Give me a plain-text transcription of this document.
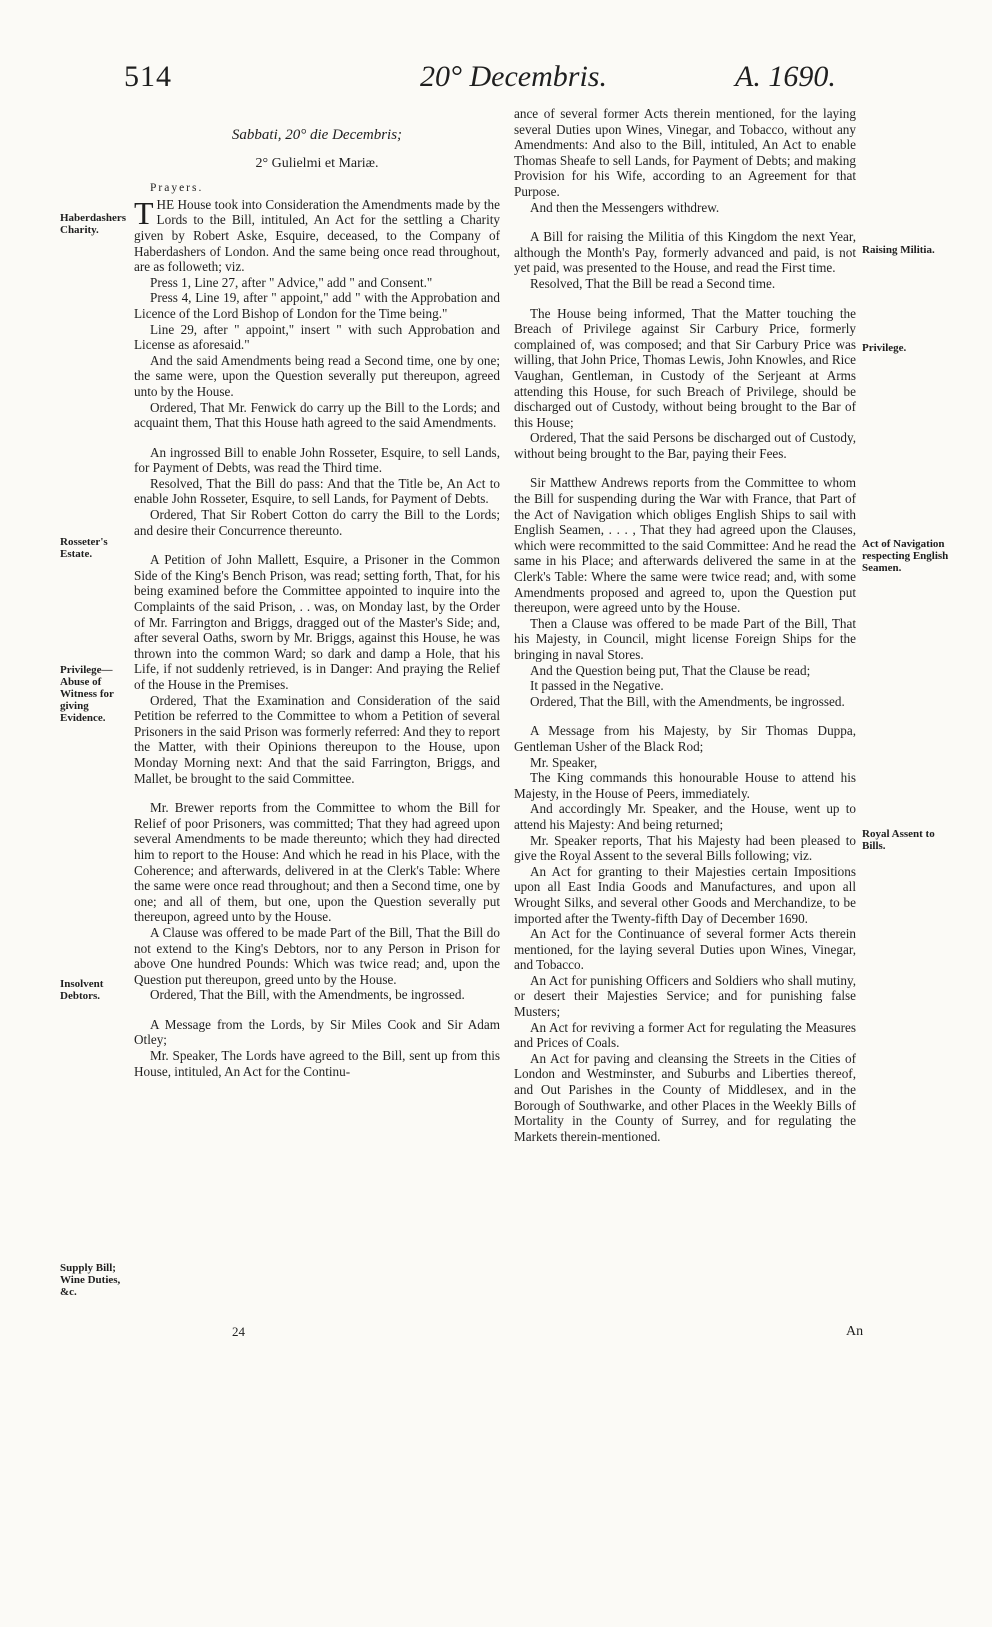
514	20° Decembris.	A. 1690.
Haberdashers Charity.
Rosseter's Estate.
Privilege— Abuse of Witness for giving Evidence.
Insolvent Debtors.
Supply Bill; Wine Duties, &c.
Raising Militia.
Privilege.
Act of Navigation respecting English Seamen.
Royal Assent to Bills.
Sabbati, 20° die Decembris;
2° Gulielmi et Mariæ.

Prayers.

THE House took into Consideration the Amendments made by the Lords to the Bill, intituled, An Act for the settling a Charity given by Robert Aske, Esquire, deceased, to the Company of Haberdashers of London. And the same being once read throughout, are as followeth; viz.

Press 1, Line 27, after " Advice," add " and Consent."

Press 4, Line 19, after " appoint," add " with the Approbation and Licence of the Lord Bishop of London for the Time being."

Line 29, after " appoint," insert " with such Approbation and License as aforesaid."

And the said Amendments being read a Second time, one by one; the same were, upon the Question severally put thereupon, agreed unto by the House.

Ordered, That Mr. Fenwick do carry up the Bill to the Lords; and acquaint them, That this House hath agreed to the said Amendments.

An ingrossed Bill to enable John Rosseter, Esquire, to sell Lands, for Payment of Debts, was read the Third time.

Resolved, That the Bill do pass: And that the Title be, An Act to enable John Rosseter, Esquire, to sell Lands, for Payment of Debts.

Ordered, That Sir Robert Cotton do carry the Bill to the Lords; and desire their Concurrence thereunto.

A Petition of John Mallett, Esquire, a Prisoner in the Common Side of the King's Bench Prison, was read; setting forth, That, for his being examined before the Committee appointed to inquire into the Complaints of the said Prison, . . was, on Monday last, by the Order of Mr. Farrington and Briggs, dragged out of the Master's Side; and, after several Oaths, sworn by Mr. Briggs, against this House, he was thrown into the common Ward; so dark and damp a Hole, that his Life, if not suddenly retrieved, is in Danger: And praying the Relief of the House in the Premises.

Ordered, That the Examination and Consideration of the said Petition be referred to the Committee to whom a Petition of several Prisoners in the said Prison was formerly referred: And they to report the Matter, with their Opinions thereupon to the House, upon Monday Morning next: And that the said Farrington, Briggs, and Mallet, be brought to the said Committee.

Mr. Brewer reports from the Committee to whom the Bill for Relief of poor Prisoners, was committed; That they had agreed upon several Amendments to be made thereunto; which they had directed him to report to the House: And which he read in his Place, with the Coherence; and afterwards, delivered in at the Clerk's Table: Where the same were once read throughout; and then a Second time, one by one; and all of them, but one, upon the Question severally put thereupon, agreed unto by the House.

A Clause was offered to be made Part of the Bill, That the Bill do not extend to the King's Debtors, nor to any Person in Prison for above One hundred Pounds: Which was twice read; and, upon the Question put thereupon, greed unto by the House.

Ordered, That the Bill, with the Amendments, be ingrossed.

A Message from the Lords, by Sir Miles Cook and Sir Adam Otley;

Mr. Speaker, The Lords have agreed to the Bill, sent up from this House, intituled, An Act for the Continu-

ance of several former Acts therein mentioned, for the laying several Duties upon Wines, Vinegar, and Tobacco, without any Amendments: And also to the Bill, intituled, An Act to enable Thomas Sheafe to sell Lands, for Payment of Debts; and making Provision for his Wife, according to an Agreement for that Purpose.

And then the Messengers withdrew.

A Bill for raising the Militia of this Kingdom the next Year, although the Month's Pay, formerly advanced and paid, is not yet paid, was presented to the House, and read the First time.

Resolved, That the Bill be read a Second time.

The House being informed, That the Matter touching the Breach of Privilege against Sir Carbury Price, formerly complained of, was composed; and that Sir Carbury Price was willing, that John Price, Thomas Lewis, John Knowles, and Rice Vaughan, Gentleman, in Custody of the Serjeant at Arms attending this House, for such Breach of Privilege, should be discharged out of Custody, without being brought to the Bar of this House;

Ordered, That the said Persons be discharged out of Custody, without being brought to the Bar, paying their Fees.

Sir Matthew Andrews reports from the Committee to whom the Bill for suspending during the War with France, that Part of the Act of Navigation which obliges English Ships to sail with English Seamen, . . . , That they had agreed upon the Clauses, which were recommitted to the said Committee: And he read the same in his Place; and afterwards delivered the same in at the Clerk's Table: Where the same were twice read; and, with some Amendments proposed and agreed to, upon the Question put thereupon, were agreed unto by the House.

Then a Clause was offered to be made Part of the Bill, That his Majesty, in Council, might license Foreign Ships for the bringing in naval Stores.

And the Question being put, That the Clause be read;

It passed in the Negative.

Ordered, That the Bill, with the Amendments, be ingrossed.

A Message from his Majesty, by Sir Thomas Duppa, Gentleman Usher of the Black Rod;

Mr. Speaker,

The King commands this honourable House to attend his Majesty, in the House of Peers, immediately.

And accordingly Mr. Speaker, and the House, went up to attend his Majesty: And being returned;

Mr. Speaker reports, That his Majesty had been pleased to give the Royal Assent to the several Bills following; viz.

An Act for granting to their Majesties certain Impositions upon all East India Goods and Manufactures, and upon all Wrought Silks, and several other Goods and Merchandize, to be imported after the Twenty-fifth Day of December 1690.

An Act for the Continuance of several former Acts therein mentioned, for the laying several Duties upon Wines, Vinegar, and Tobacco.

An Act for punishing Officers and Soldiers who shall mutiny, or desert their Majesties Service; and for punishing false Musters;

An Act for reviving a former Act for regulating the Measures and Prices of Coals.

An Act for paving and cleansing the Streets in the Cities of London and Westminster, and Suburbs and Liberties thereof, and Out Parishes in the County of Middlesex, and in the Borough of Southwarke, and other Places in the Weekly Bills of Mortality in the County of Surrey, and for regulating the Markets therein-mentioned.

24	An
